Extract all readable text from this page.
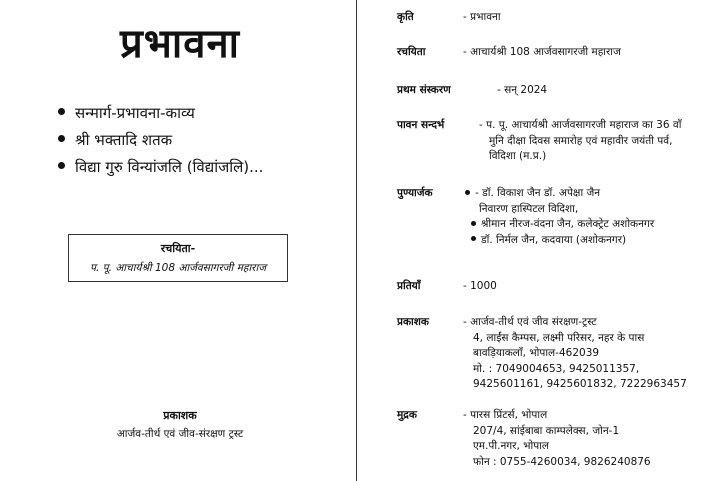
प्रभावना
सन्मार्ग-प्रभावना-काव्य
श्री भक्तादि शतक
विद्या गुरु विन्यांजलि (विद्यांजलि)...
रचयिता-
प. पू. आचार्यश्री 108 आर्जवसागरजी महाराज
प्रकाशक
आर्जव-तीर्थ एवं जीव-संरक्षण ट्रस्ट
कृति	- प्रभावना
रचयिता	- आचार्यश्री 108 आर्जवसागरजी महाराज
प्रथम संस्करण	- सन् 2024
पावन सन्दर्भ	- प. पू. आचार्यश्री आर्जवसागरजी महाराज का 36 वाँ
मुनि दीक्षा दिवस समारोह एवं महावीर जयंती पर्व,
विदिशा (म.प्र.)
पुण्यार्जक	- डॉ. विकाश जैन डॉ. अपेक्षा जैन
निवारण हास्पिटल विदिशा,
श्रीमान नीरज-वंदना जैन, कलेक्ट्रेट अशोकनगर
डॉ. निर्मल जैन, कदवाया (अशोकनगर)
प्रतियाँ	- 1000
प्रकाशक	- आर्जव-तीर्थ एवं जीव संरक्षण-ट्रस्ट
4, लाईंस कैम्पस, लक्ष्मी परिसर, नहर के पास
बावड़ियाकलाँ, भोपाल-462039
मो. : 7049004653, 9425011357,
9425601161, 9425601832, 7222963457
मुद्रक	- पारस प्रिंटर्स, भोपाल
207/4, सांईबाबा काम्पलेक्स, जोन-1
एम.पी.नगर, भोपाल
फोन : 0755-4260034, 9826240876
